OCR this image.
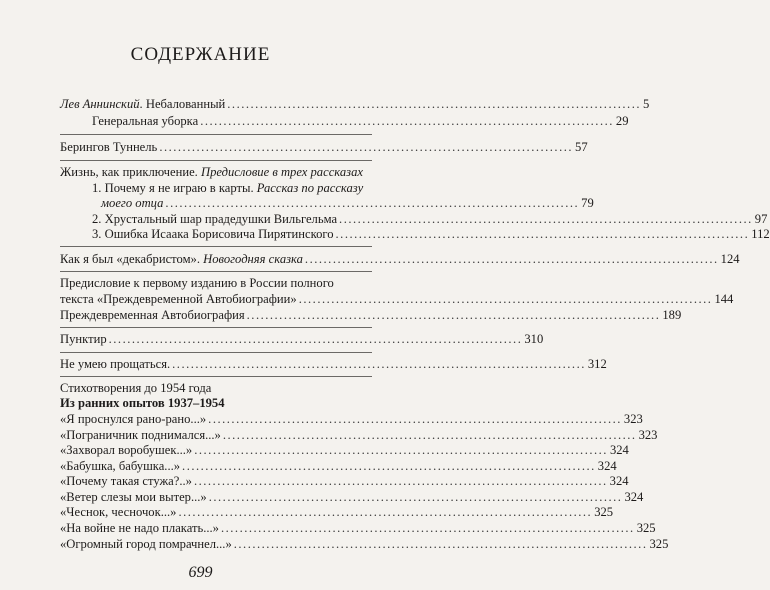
СОДЕРЖАНИЕ
Лев Аннинский. Небалованный ......................................................................................... 5
Генеральная уборка ......................................................................................... 29
Берингов Туннель ......................................................................................... 57
Жизнь, как приключение. Предисловие в трех рассказах
1. Почему я не играю в карты. Рассказ по рассказу
моего отца ......................................................................................... 79
2. Хрустальный шар прадедушки Вильгельма ......................................................................................... 97
3. Ошибка Исаака Борисовича Пирятинского ......................................................................................... 112
Как я был «декабристом». Новогодняя сказка ......................................................................................... 124
Предисловие к первому изданию в России полного
текста «Преждевременной Автобиографии» ......................................................................................... 144
Преждевременная Автобиография ......................................................................................... 189
Пунктир ......................................................................................... 310
Не умею прощаться. ......................................................................................... 312
Стихотворения до 1954 года
Из ранних опытов 1937–1954
«Я проснулся рано-рано...» ......................................................................................... 323
«Пограничник поднимался...» ......................................................................................... 323
«Захворал воробушек...» ......................................................................................... 324
«Бабушка, бабушка...» ......................................................................................... 324
«Почему такая стужа?..» ......................................................................................... 324
«Ветер слезы мои вытер...» ......................................................................................... 324
«Чеснок, чесночок...» ......................................................................................... 325
«На войне не надо плакать...» ......................................................................................... 325
«Огромный город помрачнел...» ......................................................................................... 325
699
